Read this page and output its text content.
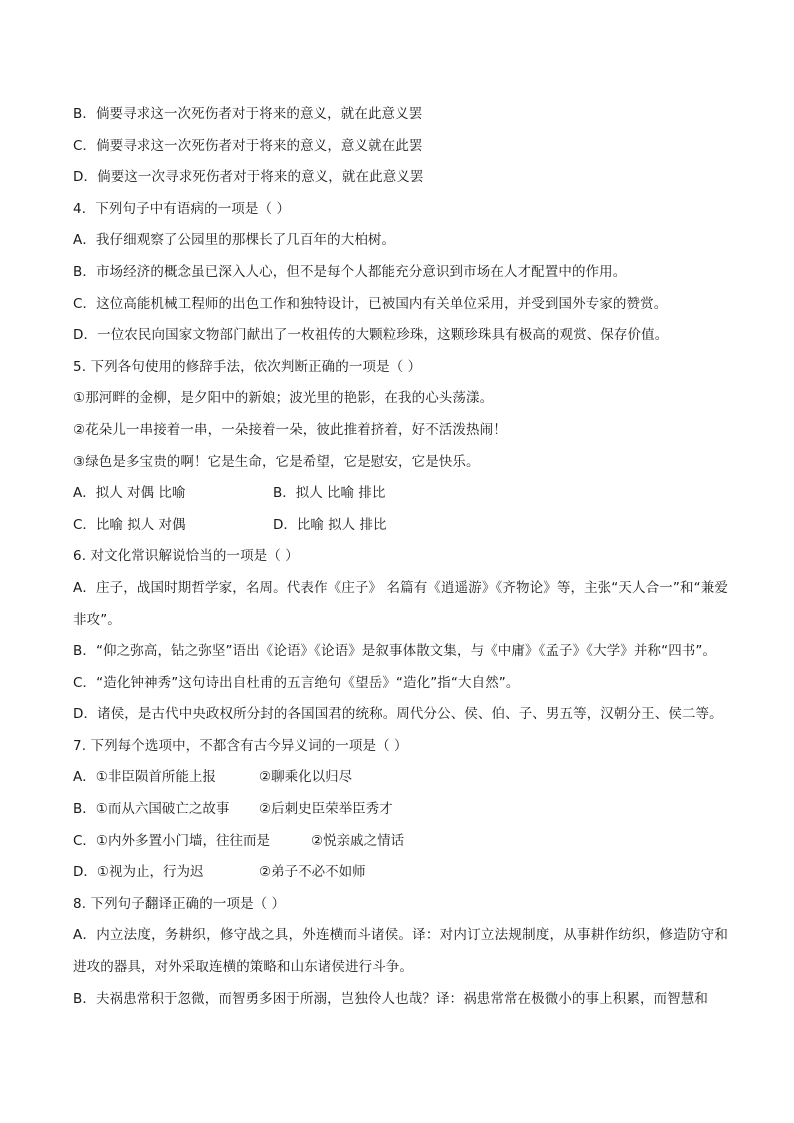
B．倘要寻求这一次死伤者对于将来的意义，就在此意义罢
C．倘要寻求这一次死伤者对于将来的意义，意义就在此罢
D．倘要这一次寻求死伤者对于将来的意义，就在此意义罢
4．下列句子中有语病的一项是（ ）
A．我仔细观察了公园里的那棵长了几百年的大柏树。
B．市场经济的概念虽已深入人心，但不是每个人都能充分意识到市场在人才配置中的作用。
C．这位高能机械工程师的出色工作和独特设计，已被国内有关单位采用，并受到国外专家的赞赏。
D．一位农民向国家文物部门献出了一枚祖传的大颗粒珍珠，这颗珍珠具有极高的观赏、保存价值。
5. 下列各句使用的修辞手法，依次判断正确的一项是（ ）
①那河畔的金柳，是夕阳中的新娘；波光里的艳影，在我的心头荡漾。
②花朵儿一串接着一串，一朵接着一朵，彼此推着挤着，好不活泼热闹！
③绿色是多宝贵的啊！它是生命，它是希望，它是慰安，它是快乐。
A．拟人 对偶 比喻	B．拟人 比喻 排比
C．比喻 拟人 对偶	D．比喻 拟人 排比
6. 对文化常识解说恰当的一项是（ ）
A．庄子，战国时期哲学家，名周。代表作《庄子》 名篇有《逍遥游》《齐物论》等，主张“天人合一”和“兼爱非攻”。
B．“仰之弥高，钻之弥坚”语出《论语》《论语》是叙事体散文集，与《中庸》《孟子》《大学》并称“四书”。
C．“造化钟神秀”这句诗出自杜甫的五言绝句《望岳》“造化”指“大自然”。
D．诸侯，是古代中央政权所分封的各国国君的统称。周代分公、侯、伯、子、男五等，汉朝分王、侯二等。
7. 下列每个选项中，不都含有古今异义词的一项是（ ）
A．①非臣陨首所能上报	②聊乘化以归尽
B．①而从六国破亡之故事	②后刺史臣荣举臣秀才
C．①内外多置小门墙，往往而是	②悦亲戚之情话
D．①视为止，行为迟	②弟子不必不如师
8. 下列句子翻译正确的一项是（ ）
A．内立法度，务耕织，修守战之具，外连横而斗诸侯。译：对内订立法规制度，从事耕作纺织，修造防守和进攻的器具，对外采取连横的策略和山东诸侯进行斗争。
B．夫祸患常积于忽微，而智勇多困于所溺，岂独伶人也哉？译：祸患常常在极微小的事上积累，而智慧和
